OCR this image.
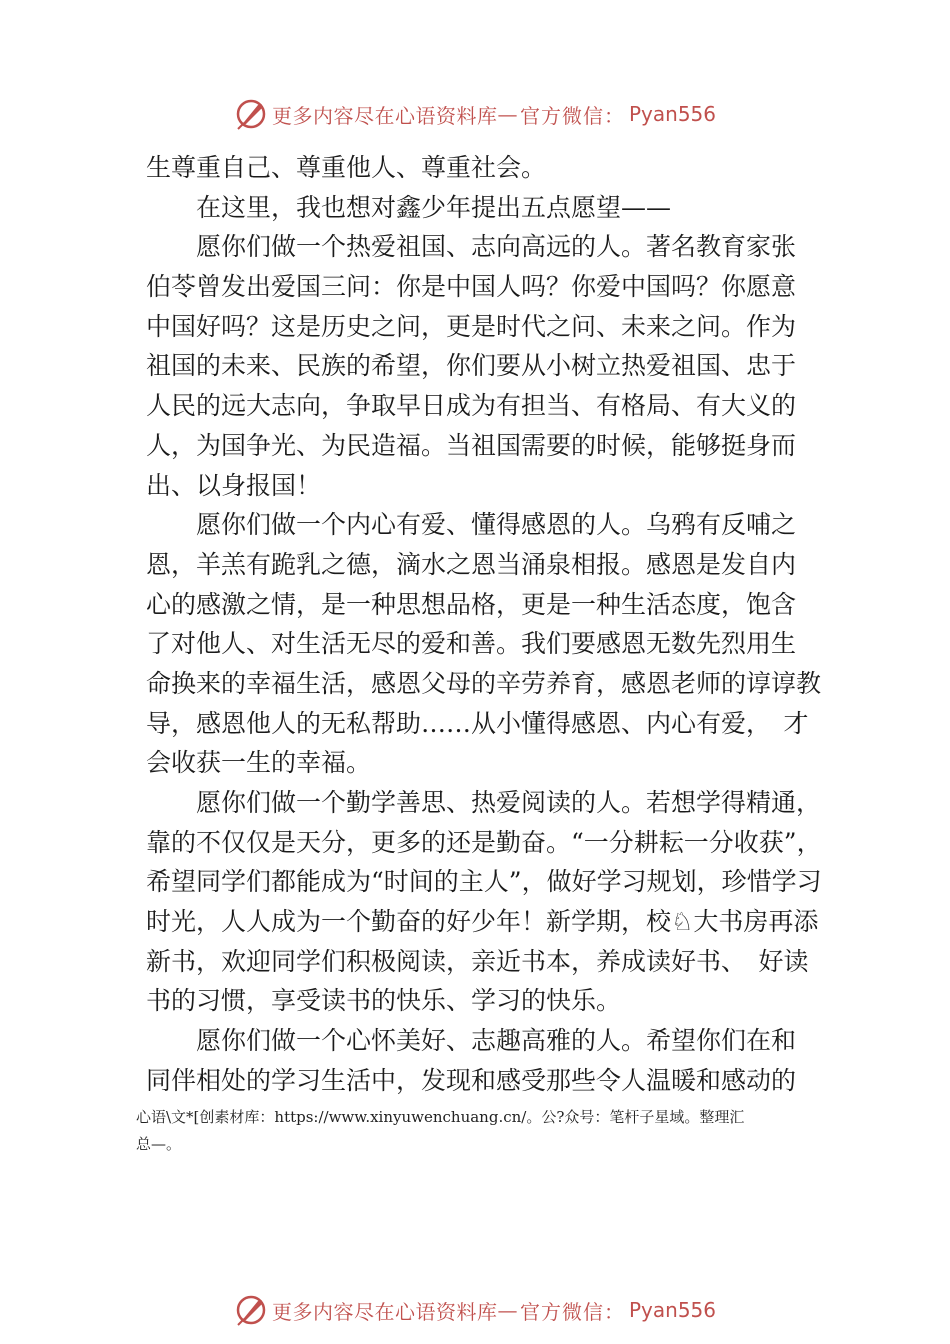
更多内容尽在心语资料库 — 官方微信： Pyan556
生尊重自己、尊重他人、尊重社会。
　　在这里，我也想对鑫少年提出五点愿望——
　　愿你们做一个热爱祖国、志向高远的人。著名教育家张
伯苓曾发出爱国三问：你是中国人吗？你爱中国吗？你愿意
中国好吗？这是历史之问，更是时代之问、未来之问。作为
祖国的未来、民族的希望，你们要从小树立热爱祖国、忠于
人民的远大志向，争取早日成为有担当、有格局、有大义的
人，为国争光、为民造福。当祖国需要的时候，能够挺身而
出、以身报国！
　　愿你们做一个内心有爱、懂得感恩的人。乌鸦有反哺之
恩，羊羔有跪乳之德，滴水之恩当涌泉相报。感恩是发自内
心的感激之情，是一种思想品格，更是一种生活态度，饱含
了对他人、对生活无尽的爱和善。我们要感恩无数先烈用生
命换来的幸福生活，感恩父母的辛劳养育，感恩老师的谆谆教
导，感恩他人的无私帮助……从小懂得感恩、内心有爱，　才
会收获一生的幸福。
　　愿你们做一个勤学善思、热爱阅读的人。若想学得精通，
靠的不仅仅是天分，更多的还是勤奋。“一分耕耘一分收获”，
希望同学们都能成为“时间的主人”，做好学习规划，珍惜学习
时光，人人成为一个勤奋的好少年！新学期，校♘大书房再添
新书，欢迎同学们积极阅读，亲近书本，养成读好书、　好读
书的习惯，享受读书的快乐、学习的快乐。
　　愿你们做一个心怀美好、志趣高雅的人。希望你们在和
同伴相处的学习生活中，发现和感受那些令人温暖和感动的
心语\文*[创素材库：https://www.xinyuwenchuang.cn/。公?众号：笔杆子星域。整理汇
总—。
更多内容尽在心语资料库 — 官方微信： Pyan556
